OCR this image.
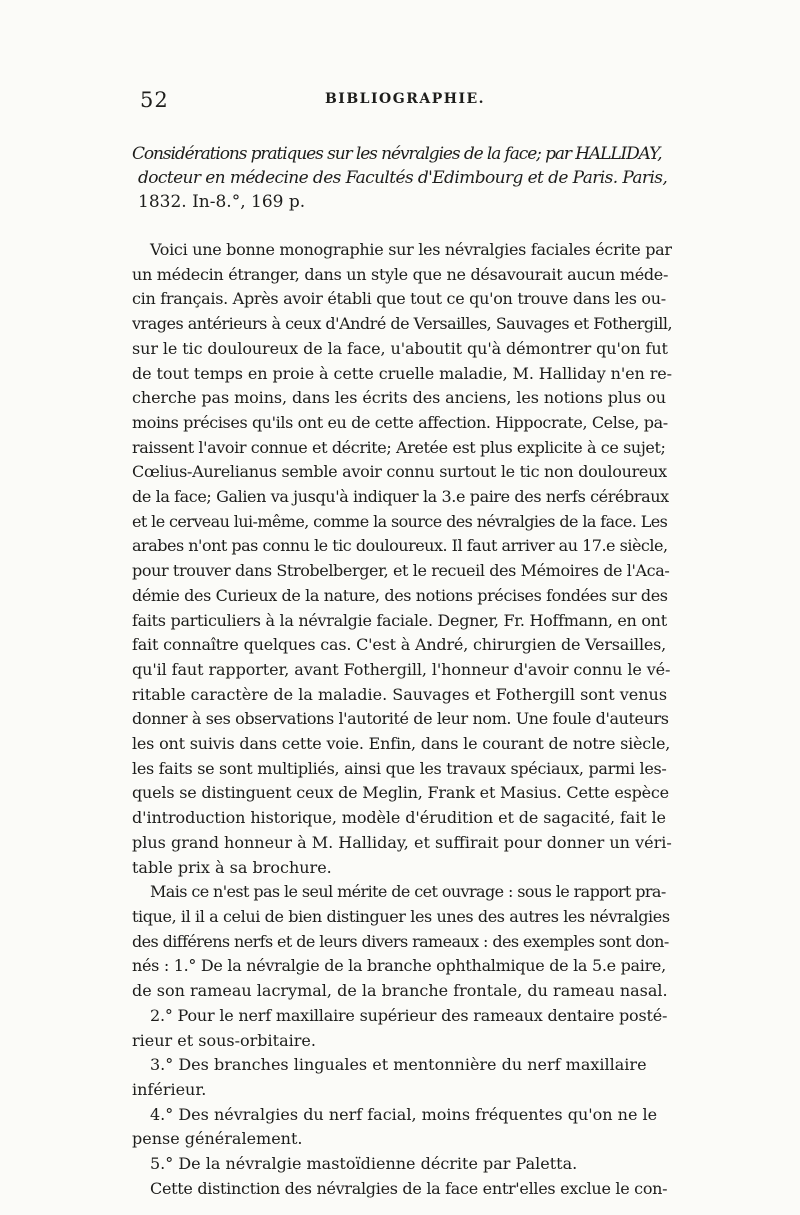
52	BIBLIOGRAPHIE.
Considérations pratiques sur les névralgies de la face; par HALLIDAY,
docteur en médecine des Facultés d'Edimbourg et de Paris. Paris,
1832. In-8.°, 169 p.
Voici une bonne monographie sur les névralgies faciales écrite par
un médecin étranger, dans un style que ne désavourait aucun méde-
cin français. Après avoir établi que tout ce qu'on trouve dans les ou-
vrages antérieurs à ceux d'André de Versailles, Sauvages et Fothergill,
sur le tic douloureux de la face, u'aboutit qu'à démontrer qu'on fut
de tout temps en proie à cette cruelle maladie, M. Halliday n'en re-
cherche pas moins, dans les écrits des anciens, les notions plus ou
moins précises qu'ils ont eu de cette affection. Hippocrate, Celse, pa-
raissent l'avoir connue et décrite; Aretée est plus explicite à ce sujet;
Cœlius-Aurelianus semble avoir connu surtout le tic non douloureux
de la face; Galien va jusqu'à indiquer la 3.e paire des nerfs cérébraux
et le cerveau lui-même, comme la source des névralgies de la face. Les
arabes n'ont pas connu le tic douloureux. Il faut arriver au 17.e siècle,
pour trouver dans Strobelberger, et le recueil des Mémoires de l'Aca-
démie des Curieux de la nature, des notions précises fondées sur des
faits particuliers à la névralgie faciale. Degner, Fr. Hoffmann, en ont
fait connaître quelques cas. C'est à André, chirurgien de Versailles,
qu'il faut rapporter, avant Fothergill, l'honneur d'avoir connu le vé-
ritable caractère de la maladie. Sauvages et Fothergill sont venus
donner à ses observations l'autorité de leur nom. Une foule d'auteurs
les ont suivis dans cette voie. Enfin, dans le courant de notre siècle,
les faits se sont multipliés, ainsi que les travaux spéciaux, parmi les-
quels se distinguent ceux de Meglin, Frank et Masius. Cette espèce
d'introduction historique, modèle d'érudition et de sagacité, fait le
plus grand honneur à M. Halliday, et suffirait pour donner un véri-
table prix à sa brochure.
Mais ce n'est pas le seul mérite de cet ouvrage : sous le rapport pra-
tique, il il a celui de bien distinguer les unes des autres les névralgies
des différens nerfs et de leurs divers rameaux : des exemples sont don-
nés : 1.° De la névralgie de la branche ophthalmique de la 5.e paire,
de son rameau lacrymal, de la branche frontale, du rameau nasal.
2.° Pour le nerf maxillaire supérieur des rameaux dentaire posté-
rieur et sous-orbitaire.
3.° Des branches linguales et mentonnière du nerf maxillaire
inférieur.
4.° Des névralgies du nerf facial, moins fréquentes qu'on ne le
pense généralement.
5.° De la névralgie mastoïdienne décrite par Paletta.
Cette distinction des névralgies de la face entr'elles exclue le con-
